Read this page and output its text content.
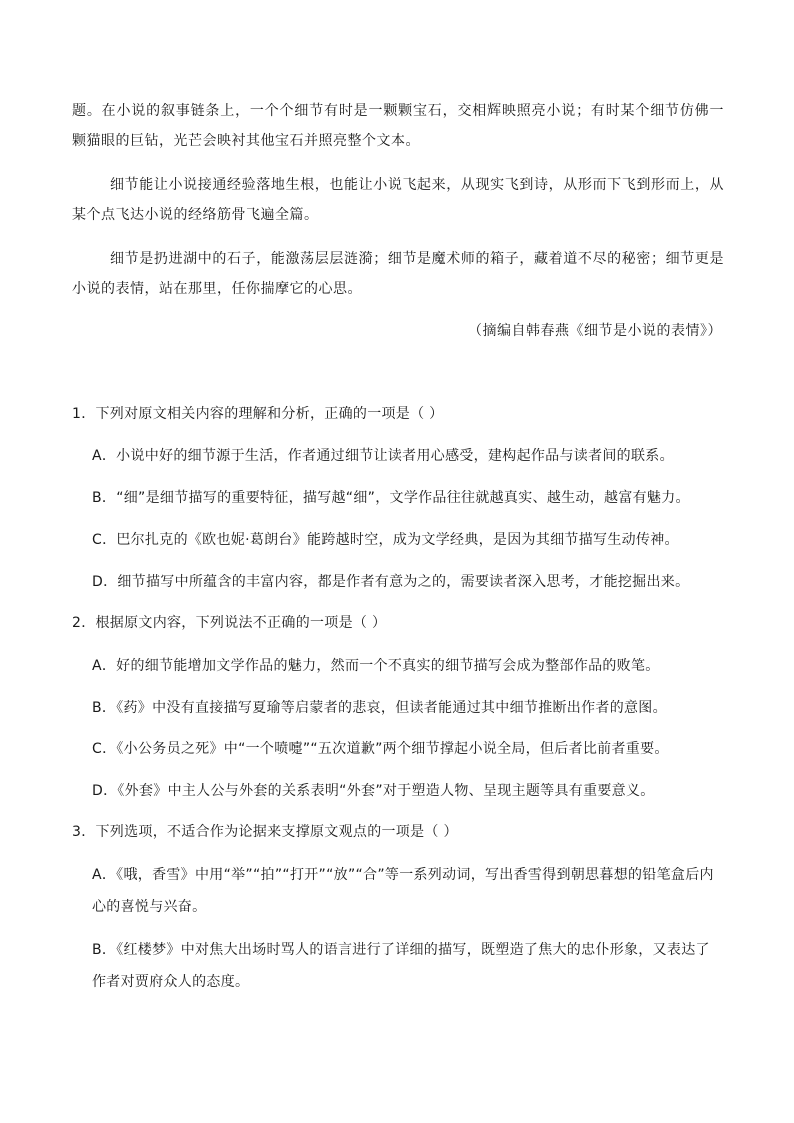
题。在小说的叙事链条上，一个个细节有时是一颗颗宝石，交相辉映照亮小说；有时某个细节仿佛一颗猫眼的巨钻，光芒会映衬其他宝石并照亮整个文本。

细节能让小说接通经验落地生根，也能让小说飞起来，从现实飞到诗，从形而下飞到形而上，从某个点飞达小说的经络筋骨飞遍全篇。

细节是扔进湖中的石子，能激荡层层涟漪；细节是魔术师的箱子，藏着道不尽的秘密；细节更是小说的表情，站在那里，任你揣摩它的心思。

（摘编自韩春燕《细节是小说的表情》）

1．下列对原文相关内容的理解和分析，正确的一项是（ ）

A．小说中好的细节源于生活，作者通过细节让读者用心感受，建构起作品与读者间的联系。

B．“细”是细节描写的重要特征，描写越“细”，文学作品往往就越真实、越生动，越富有魅力。

C．巴尔扎克的《欧也妮·葛朗台》能跨越时空，成为文学经典，是因为其细节描写生动传神。

D．细节描写中所蕴含的丰富内容，都是作者有意为之的，需要读者深入思考，才能挖掘出来。

2．根据原文内容，下列说法不正确的一项是（ ）

A．好的细节能增加文学作品的魅力，然而一个不真实的细节描写会成为整部作品的败笔。

B．《药》中没有直接描写夏瑜等启蒙者的悲哀，但读者能通过其中细节推断出作者的意图。

C．《小公务员之死》中“一个喷嚏”“五次道歉”两个细节撑起小说全局，但后者比前者重要。

D．《外套》中主人公与外套的关系表明“外套”对于塑造人物、呈现主题等具有重要意义。

3．下列选项，不适合作为论据来支撑原文观点的一项是（ ）

A．《哦，香雪》中用“举”“拍”“打开”“放”“合”等一系列动词，写出香雪得到朝思暮想的铅笔盒后内心的喜悦与兴奋。

B．《红楼梦》中对焦大出场时骂人的语言进行了详细的描写，既塑造了焦大的忠仆形象，又表达了作者对贾府众人的态度。
